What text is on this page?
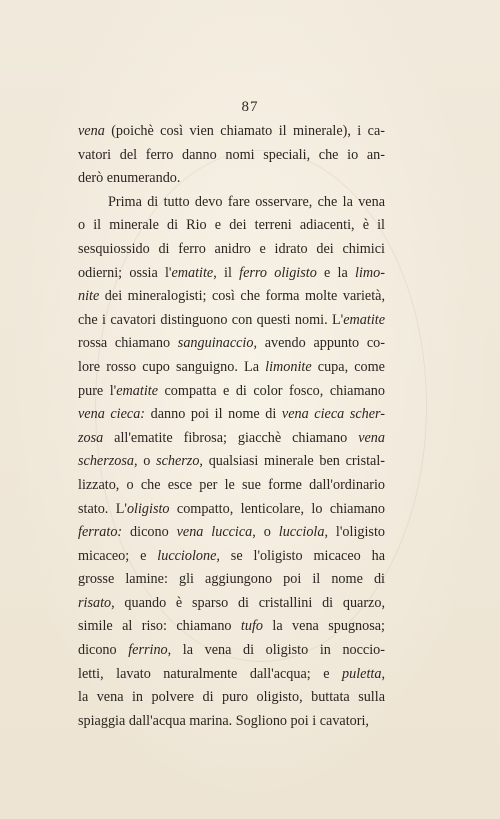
87
vena (poichè così vien chiamato il minerale), i ca-
vatori del ferro danno nomi speciali, che io an-
derò enumerando.
Prima di tutto devo fare osservare, che la vena
o il minerale di Rio e dei terreni adiacenti, è il
sesquiossido di ferro anidro e idrato dei chimici
odierni; ossia l'ematite, il ferro oligisto e la limo-
nite dei mineralogisti; così che forma molte varietà,
che i cavatori distinguono con questi nomi. L'ematite
rossa chiamano sanguinaccio, avendo appunto co-
lore rosso cupo sanguigno. La limonite cupa, come
pure l'ematite compatta e di color fosco, chiamano
vena cieca: danno poi il nome di vena cieca scher-
zosa all'ematite fibrosa; giacchè chiamano vena
scherzosa, o scherzo, qualsiasi minerale ben cristal-
lizzato, o che esce per le sue forme dall'ordinario
stato. L'oligisto compatto, lenticolare, lo chiamano
ferrato: dicono vena luccica, o lucciola, l'oligisto
micaceo; e lucciolone, se l'oligisto micaceo ha
grosse lamine: gli aggiungono poi il nome di
risato, quando è sparso di cristallini di quarzo,
simile al riso: chiamano tufo la vena spugnosa;
dicono ferrino, la vena di oligisto in noccio-
letti, lavato naturalmente dall'acqua; e puletta,
la vena in polvere di puro oligisto, buttata sulla
spiaggia dall'acqua marina. Sogliono poi i cavatori,
